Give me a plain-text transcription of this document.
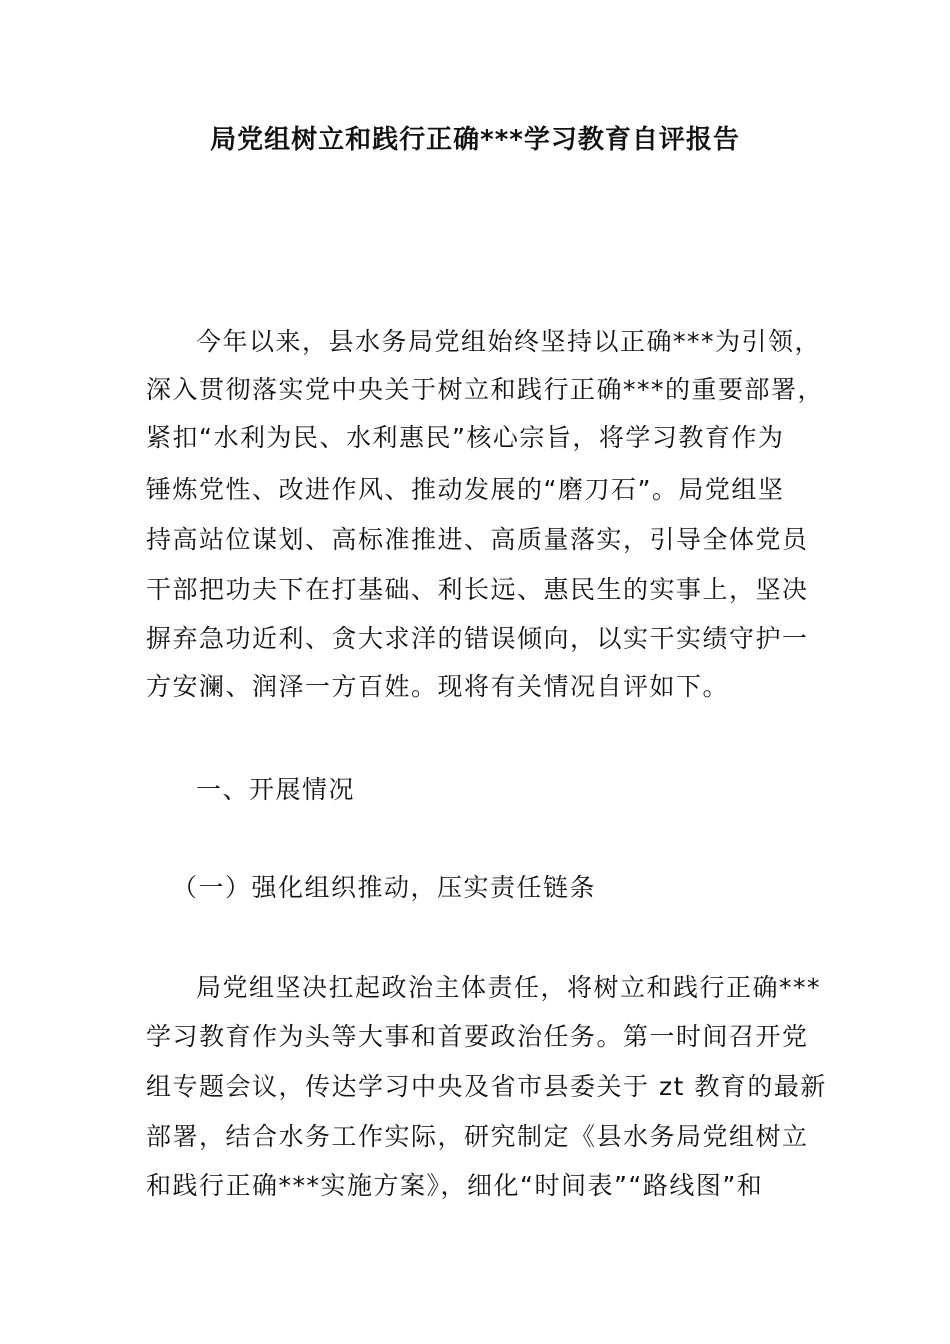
局党组树立和践行正确***学习教育自评报告
今年以来，县水务局党组始终坚持以正确***为引领，
深入贯彻落实党中央关于树立和践行正确***的重要部署，
紧扣“水利为民、水利惠民”核心宗旨，将学习教育作为
锤炼党性、改进作风、推动发展的“磨刀石”。局党组坚
持高站位谋划、高标准推进、高质量落实，引导全体党员
干部把功夫下在打基础、利长远、惠民生的实事上，坚决
摒弃急功近利、贪大求洋的错误倾向，以实干实绩守护一
方安澜、润泽一方百姓。现将有关情况自评如下。
一、开展情况
（一）强化组织推动，压实责任链条
局党组坚决扛起政治主体责任，将树立和践行正确***
学习教育作为头等大事和首要政治任务。第一时间召开党
组专题会议，传达学习中央及省市县委关于 zt 教育的最新
部署，结合水务工作实际，研究制定《县水务局党组树立
和践行正确***实施方案》，细化“时间表”“路线图”和
